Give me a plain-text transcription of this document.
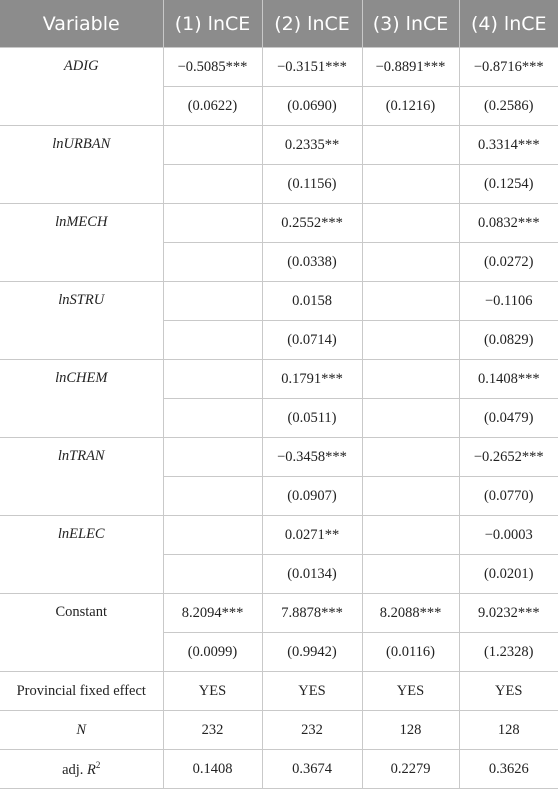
Variable	(1) lnCE	(2) lnCE	(3) lnCE	(4) lnCE
ADIG	−0.5085***	−0.3151***	−0.8891***	−0.8716***
	(0.0622)	(0.0690)	(0.1216)	(0.2586)
lnURBAN		0.2335**		0.3314***
		(0.1156)		(0.1254)
lnMECH		0.2552***		0.0832***
		(0.0338)		(0.0272)
lnSTRU		0.0158		−0.1106
		(0.0714)		(0.0829)
lnCHEM		0.1791***		0.1408***
		(0.0511)		(0.0479)
lnTRAN		−0.3458***		−0.2652***
		(0.0907)		(0.0770)
lnELEC		0.0271**		−0.0003
		(0.0134)		(0.0201)
Constant	8.2094***	7.8878***	8.2088***	9.0232***
	(0.0099)	(0.9942)	(0.0116)	(1.2328)
Provincial fixed effect	YES	YES	YES	YES
N	232	232	128	128
adj. $R^2$	0.1408	0.3674	0.2279	0.3626
